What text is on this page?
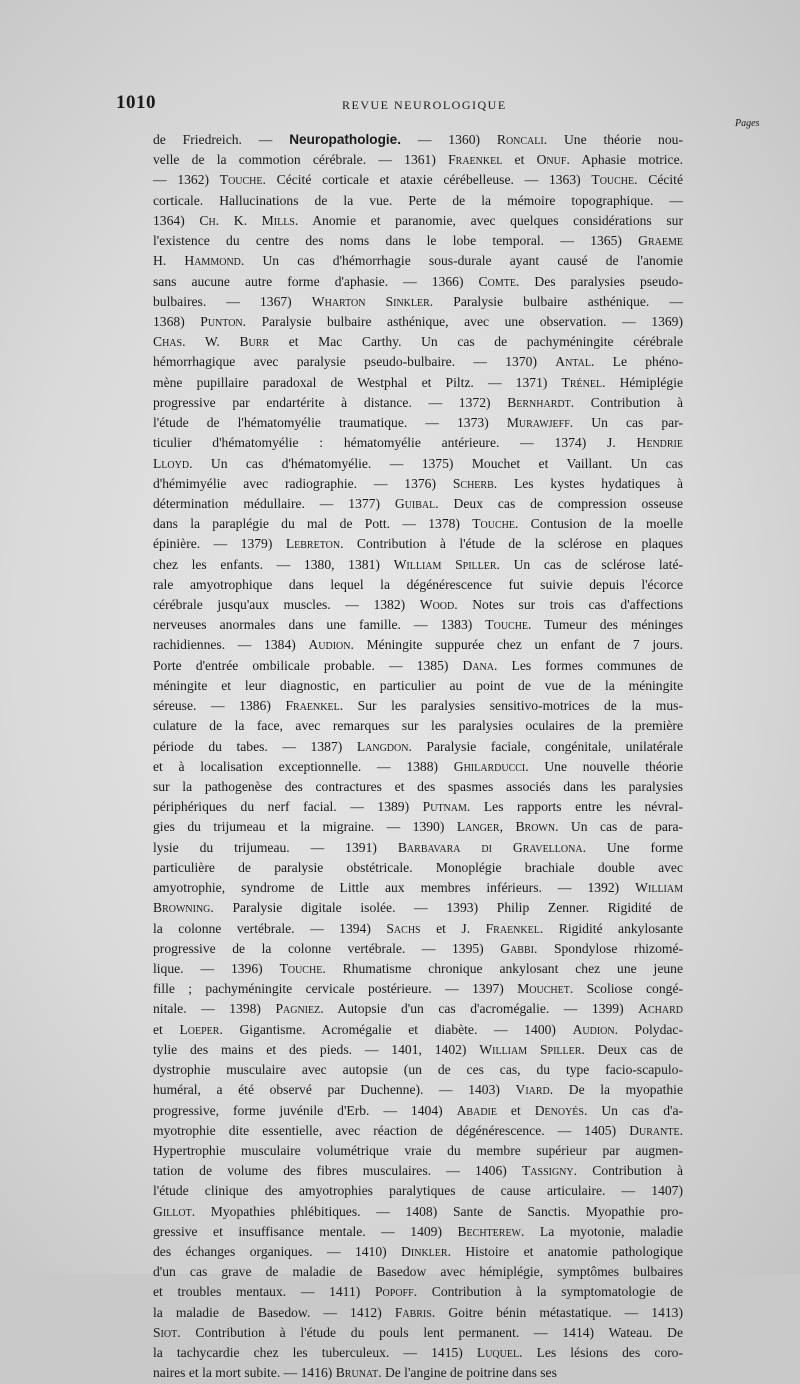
1010	REVUE NEUROLOGIQUE
Pages
de Friedreich. — Neuropathologie. — 1360) Roncali. Une théorie nou-
velle de la commotion cérébrale. — 1361) Fraenkel et Onuf. Aphasie motrice.
— 1362) Touche. Cécité corticale et ataxie cérébelleuse. — 1363) Touche. Cécité
corticale. Hallucinations de la vue. Perte de la mémoire topographique. —
1364) Ch. K. Mills. Anomie et paranomie, avec quelques considérations sur
l'existence du centre des noms dans le lobe temporal. — 1365) Graeme
H. Hammond. Un cas d'hémorrhagie sous-durale ayant causé de l'anomie
sans aucune autre forme d'aphasie. — 1366) Comte. Des paralysies pseudo-
bulbaires. — 1367) Wharton Sinkler. Paralysie bulbaire asthénique. —
1368) Punton. Paralysie bulbaire asthénique, avec une observation. — 1369)
Chas. W. Burr et Mac Carthy. Un cas de pachyméningite cérébrale
hémorrhagique avec paralysie pseudo-bulbaire. — 1370) Antal. Le phéno-
mène pupillaire paradoxal de Westphal et Piltz. — 1371) Trénel. Hémiplégie
progressive par endartérite à distance. — 1372) Bernhardt. Contribution à
l'étude de l'hématomyélie traumatique. — 1373) Murawjeff. Un cas par-
ticulier d'hématomyélie : hématomyélie antérieure. — 1374) J. Hendrie
Lloyd. Un cas d'hématomyélie. — 1375) Mouchet et Vaillant. Un cas
d'hémimyélie avec radiographie. — 1376) Scherb. Les kystes hydatiques à
détermination médullaire. — 1377) Guibal. Deux cas de compression osseuse
dans la paraplégie du mal de Pott. — 1378) Touche. Contusion de la moelle
épinière. — 1379) Lebreton. Contribution à l'étude de la sclérose en plaques
chez les enfants. — 1380, 1381) William Spiller. Un cas de sclérose laté-
rale amyotrophique dans lequel la dégénérescence fut suivie depuis l'écorce
cérébrale jusqu'aux muscles. — 1382) Wood. Notes sur trois cas d'affections
nerveuses anormales dans une famille. — 1383) Touche. Tumeur des méninges
rachidiennes. — 1384) Audion. Méningite suppurée chez un enfant de 7 jours.
Porte d'entrée ombilicale probable. — 1385) Dana. Les formes communes de
méningite et leur diagnostic, en particulier au point de vue de la méningite
séreuse. — 1386) Fraenkel. Sur les paralysies sensitivo-motrices de la mus-
culature de la face, avec remarques sur les paralysies oculaires de la première
période du tabes. — 1387) Langdon. Paralysie faciale, congénitale, unilatérale
et à localisation exceptionnelle. — 1388) Ghilarducci. Une nouvelle théorie
sur la pathogenèse des contractures et des spasmes associés dans les paralysies
périphériques du nerf facial. — 1389) Putnam. Les rapports entre les névral-
gies du trijumeau et la migraine. — 1390) Langer, Brown. Un cas de para-
lysie du trijumeau. — 1391) Barbavara di Gravellona. Une forme
particulière de paralysie obstétricale. Monoplégie brachiale double avec
amyotrophie, syndrome de Little aux membres inférieurs. — 1392) William
Browning. Paralysie digitale isolée. — 1393) Philip Zenner. Rigidité de
la colonne vertébrale. — 1394) Sachs et J. Fraenkel. Rigidité ankylosante
progressive de la colonne vertébrale. — 1395) Gabbi. Spondylose rhizomé-
lique. — 1396) Touche. Rhumatisme chronique ankylosant chez une jeune
fille ; pachyméningite cervicale postérieure. — 1397) Mouchet. Scoliose congé-
nitale. — 1398) Pagniez. Autopsie d'un cas d'acromégalie. — 1399) Achard
et Loeper. Gigantisme. Acromégalie et diabète. — 1400) Audion. Polydac-
tylie des mains et des pieds. — 1401, 1402) William Spiller. Deux cas de
dystrophie musculaire avec autopsie (un de ces cas, du type facio-scapulo-
huméral, a été observé par Duchenne). — 1403) Viard. De la myopathie
progressive, forme juvénile d'Erb. — 1404) Abadie et Denoyés. Un cas d'a-
myotrophie dite essentielle, avec réaction de dégénérescence. — 1405) Durante.
Hypertrophie musculaire volumétrique vraie du membre supérieur par augmen-
tation de volume des fibres musculaires. — 1406) Tassigny. Contribution à
l'étude clinique des amyotrophies paralytiques de cause articulaire. — 1407)
Gillot. Myopathies phlébitiques. — 1408) Sante de Sanctis. Myopathie pro-
gressive et insuffisance mentale. — 1409) Bechterew. La myotonie, maladie
des échanges organiques. — 1410) Dinkler. Histoire et anatomie pathologique
d'un cas grave de maladie de Basedow avec hémiplégie, symptômes bulbaires
et troubles mentaux. — 1411) Popoff. Contribution à la symptomatologie de
la maladie de Basedow. — 1412) Fabris. Goitre bénin métastatique. — 1413)
Siot. Contribution à l'étude du pouls lent permanent. — 1414) Wateau. De
la tachycardie chez les tuberculeux. — 1415) Luquel. Les lésions des coro-
naires et la mort subite. — 1416) Brunat. De l'angine de poitrine dans ses
